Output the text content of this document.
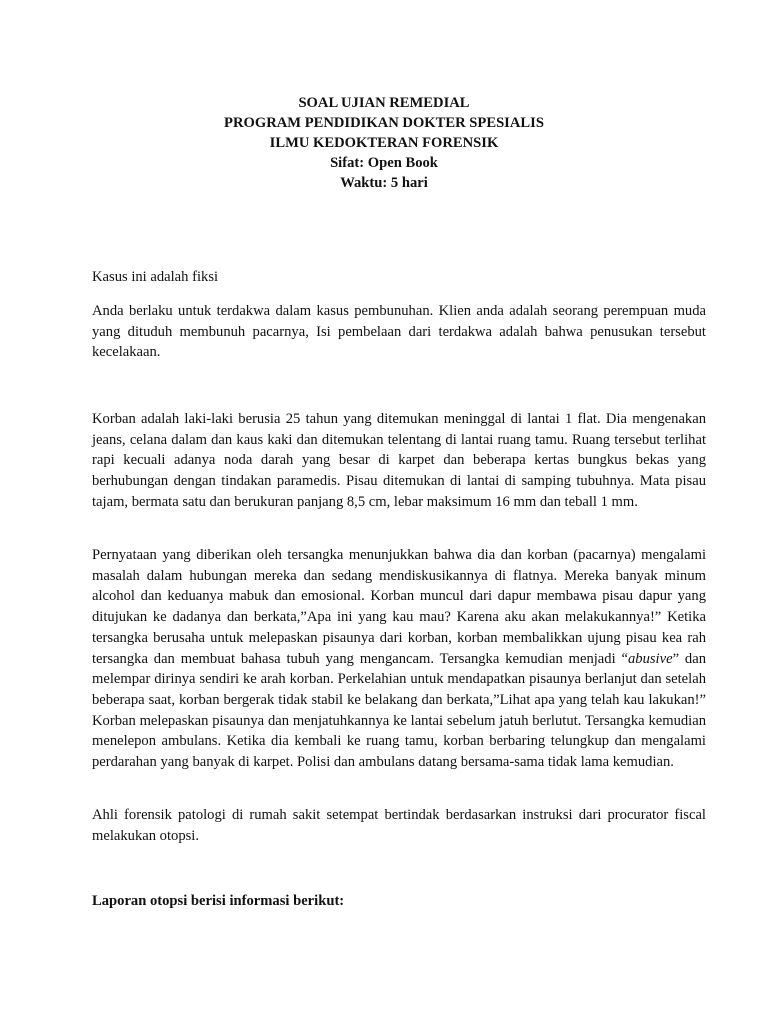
SOAL UJIAN REMEDIAL
PROGRAM PENDIDIKAN DOKTER SPESIALIS
ILMU KEDOKTERAN FORENSIK
Sifat: Open Book
Waktu: 5 hari

Kasus ini adalah fiksi

Anda berlaku untuk terdakwa dalam kasus pembunuhan. Klien anda adalah seorang perempuan muda yang dituduh membunuh pacarnya, Isi pembelaan dari terdakwa adalah bahwa penusukan tersebut kecelakaan.

Korban adalah laki-laki berusia 25 tahun yang ditemukan meninggal di lantai 1 flat. Dia mengenakan jeans, celana dalam dan kaus kaki dan ditemukan telentang di lantai ruang tamu. Ruang tersebut terlihat rapi kecuali adanya noda darah yang besar di karpet dan beberapa kertas bungkus bekas yang berhubungan dengan tindakan paramedis. Pisau ditemukan di lantai di samping tubuhnya. Mata pisau tajam, bermata satu dan berukuran panjang 8,5 cm, lebar maksimum 16 mm dan teball 1 mm.

Pernyataan yang diberikan oleh tersangka menunjukkan bahwa dia dan korban (pacarnya) mengalami masalah dalam hubungan mereka dan sedang mendiskusikannya di flatnya. Mereka banyak minum alcohol dan keduanya mabuk dan emosional. Korban muncul dari dapur membawa pisau dapur yang ditujukan ke dadanya dan berkata,”Apa ini yang kau mau? Karena aku akan melakukannya!” Ketika tersangka berusaha untuk melepaskan pisaunya dari korban, korban membalikkan ujung pisau kea rah tersangka dan membuat bahasa tubuh yang mengancam. Tersangka kemudian menjadi “abusive” dan melempar dirinya sendiri ke arah korban. Perkelahian untuk mendapatkan pisaunya berlanjut dan setelah beberapa saat, korban bergerak tidak stabil ke belakang dan berkata,”Lihat apa yang telah kau lakukan!” Korban melepaskan pisaunya dan menjatuhkannya ke lantai sebelum jatuh berlutut. Tersangka kemudian menelepon ambulans. Ketika dia kembali ke ruang tamu, korban berbaring telungkup dan mengalami perdarahan yang banyak di karpet. Polisi dan ambulans datang bersama-sama tidak lama kemudian.

Ahli forensik patologi di rumah sakit setempat bertindak berdasarkan instruksi dari procurator fiscal melakukan otopsi.

Laporan otopsi berisi informasi berikut:
